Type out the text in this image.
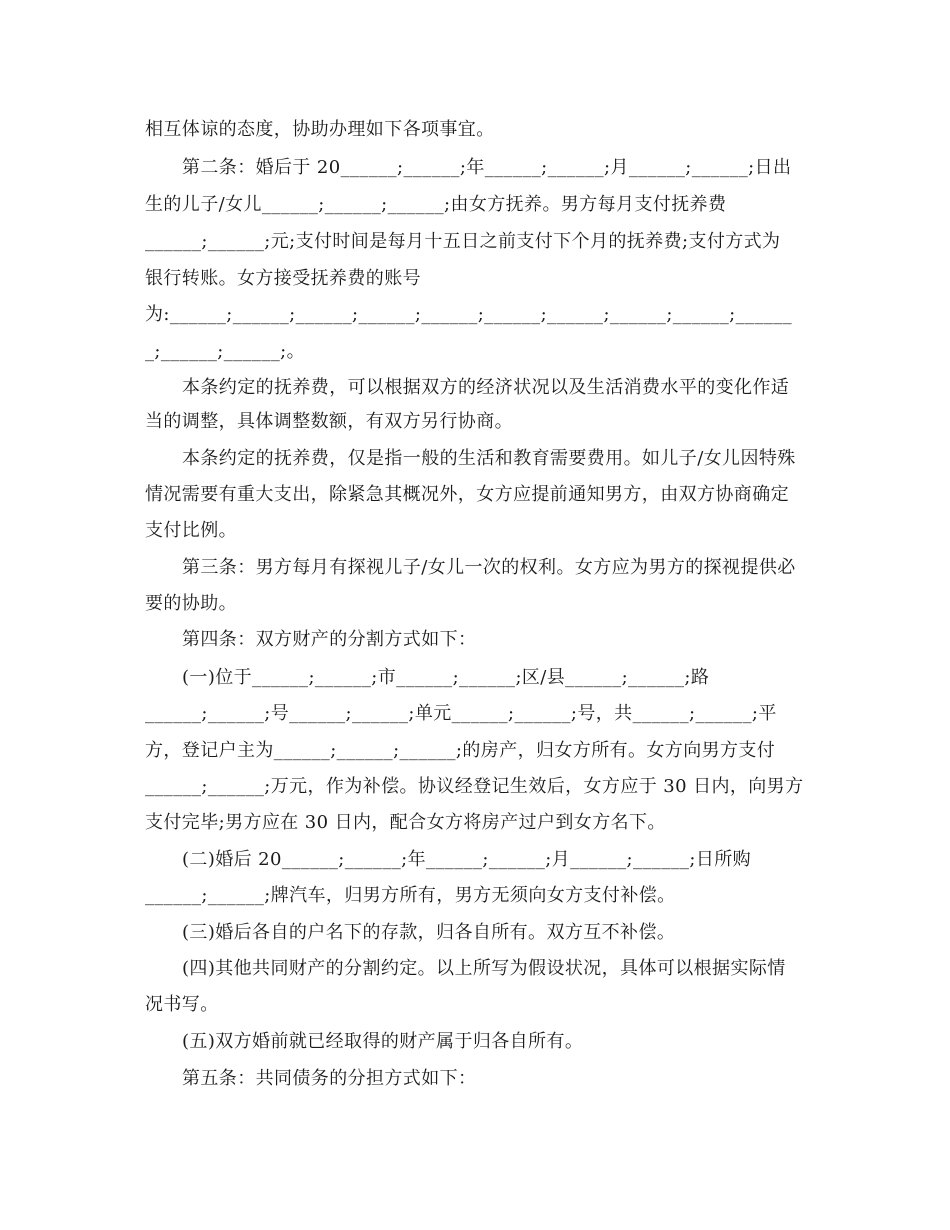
相互体谅的态度，协助办理如下各项事宜。
第二条：婚后于 20______;______;年______;______;月______;______;日出
生的儿子/女儿______;______;______;由女方抚养。男方每月支付抚养费
______;______;元;支付时间是每月十五日之前支付下个月的抚养费;支付方式为
银行转账。女方接受抚养费的账号
为:______;______;______;______;______;______;______;______;______;______
_;______;______;。
本条约定的抚养费，可以根据双方的经济状况以及生活消费水平的变化作适
当的调整，具体调整数额，有双方另行协商。
本条约定的抚养费，仅是指一般的生活和教育需要费用。如儿子/女儿因特殊
情况需要有重大支出，除紧急其概况外，女方应提前通知男方，由双方协商确定
支付比例。
第三条：男方每月有探视儿子/女儿一次的权利。女方应为男方的探视提供必
要的协助。
第四条：双方财产的分割方式如下：
(一)位于______;______;市______;______;区/县______;______;路
______;______;号______;______;单元______;______;号，共______;______;平
方，登记户主为______;______;______;的房产，归女方所有。女方向男方支付
______;______;万元，作为补偿。协议经登记生效后，女方应于 30 日内，向男方
支付完毕;男方应在 30 日内，配合女方将房产过户到女方名下。
(二)婚后 20______;______;年______;______;月______;______;日所购
______;______;牌汽车，归男方所有，男方无须向女方支付补偿。
(三)婚后各自的户名下的存款，归各自所有。双方互不补偿。
(四)其他共同财产的分割约定。以上所写为假设状况，具体可以根据实际情
况书写。
(五)双方婚前就已经取得的财产属于归各自所有。
第五条：共同债务的分担方式如下：
